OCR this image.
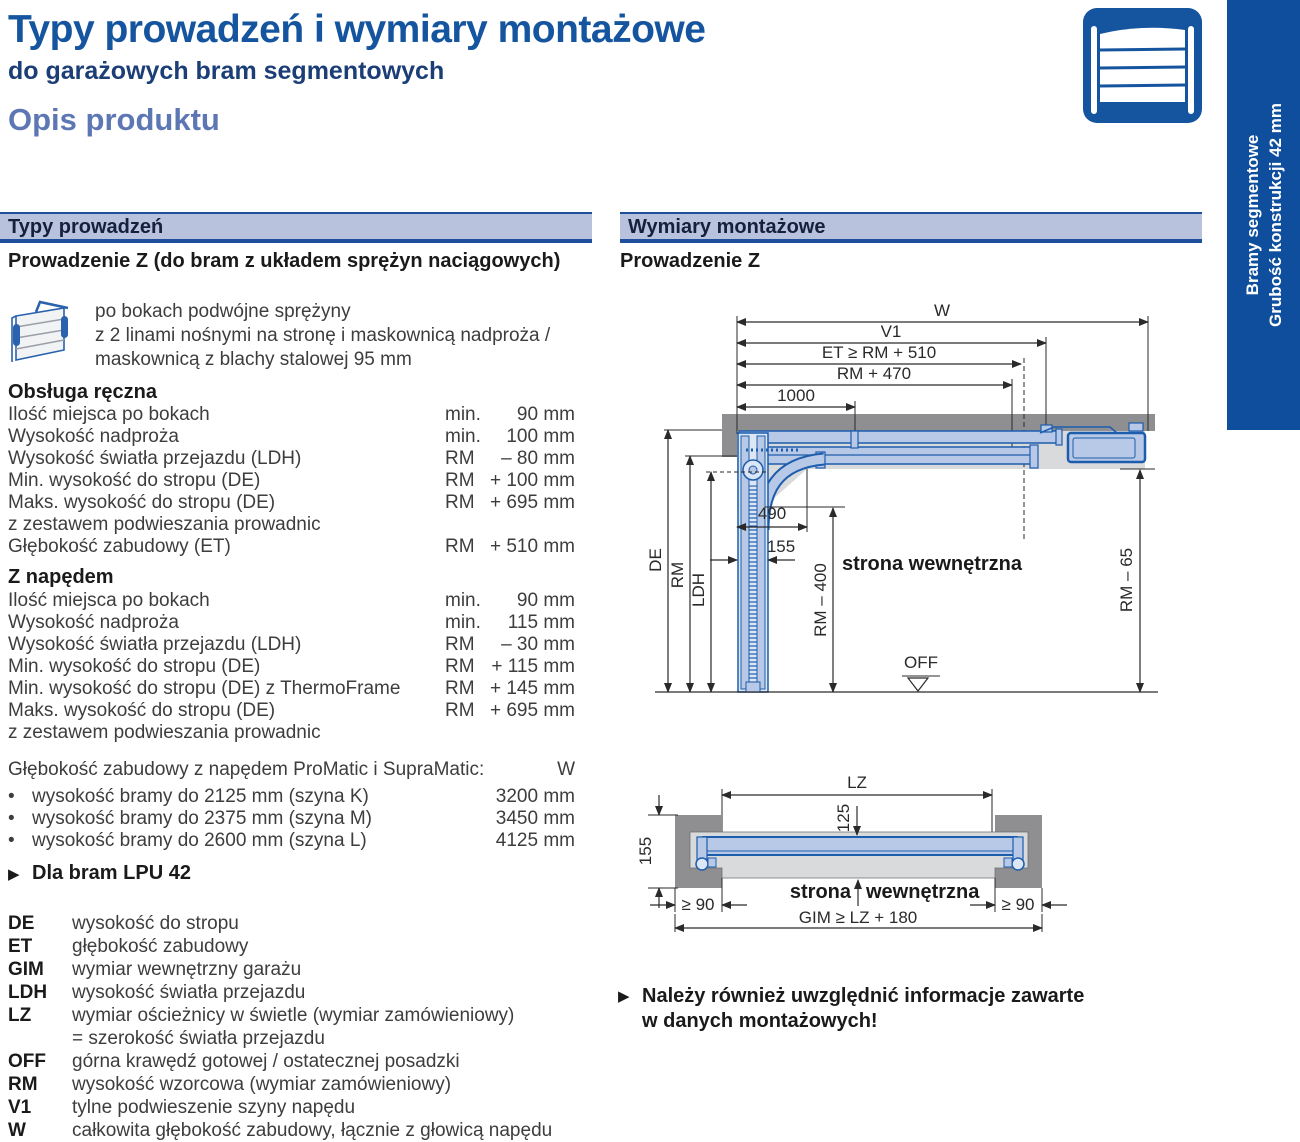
Typy prowadzeń i wymiary montażowe
do garażowych bram segmentowych
Opis produktu
Bramy segmentowe Grubość konstrukcji 42 mm
Typy prowadzeń
Prowadzenie Z (do bram z układem sprężyn naciągowych)
po bokach podwójne sprężyny
z 2 linami nośnymi na stronę i maskownicą nadproża /
maskownicą z blachy stalowej 95 mm
Obsługa ręczna
Ilość miejsca po bokach	min.	90 mm
Wysokość nadproża	min.	100 mm
Wysokość światła przejazdu (LDH)	RM	– 80 mm
Min. wysokość do stropu (DE)	RM + 100 mm
Maks. wysokość do stropu (DE)	RM + 695 mm
z zestawem podwieszania prowadnic
Głębokość zabudowy (ET)	RM + 510 mm
Z napędem
Ilość miejsca po bokach	min.	90 mm
Wysokość nadproża	min.	115 mm
Wysokość światła przejazdu (LDH)	RM	– 30 mm
Min. wysokość do stropu (DE)	RM + 115 mm
Min. wysokość do stropu (DE) z ThermoFrame RM + 145 mm
Maks. wysokość do stropu (DE)	RM + 695 mm
z zestawem podwieszania prowadnic
Głębokość zabudowy z napędem ProMatic i SupraMatic:	W
• wysokość bramy do 2125 mm (szyna K)	3200 mm
• wysokość bramy do 2375 mm (szyna M)	3450 mm
• wysokość bramy do 2600 mm (szyna L)	4125 mm
▶ Dla bram LPU 42
DE wysokość do stropu
ET głębokość zabudowy
GIM wymiar wewnętrzny garażu
LDH wysokość światła przejazdu
LZ wymiar ościeżnicy w świetle (wymiar zamówieniowy)
= szerokość światła przejazdu
OFF górna krawędź gotowej / ostatecznej posadzki
RM wysokość wzorcowa (wymiar zamówieniowy)
V1 tylne podwieszenie szyny napędu
W całkowita głębokość zabudowy, łącznie z głowicą napędu
Wymiary montażowe
Prowadzenie Z
W
V1
ET ≥ RM + 510
RM + 470
1000
DE
RM LDH	RM – 400	RM – 65
490
155
strona wewnętrzna
OFF
LZ
125
155
strona wewnętrzna
≥ 90	≥ 90
GIM ≥ LZ + 180
▶ Należy również uwzględnić informacje zawarte
w danych montażowych!
